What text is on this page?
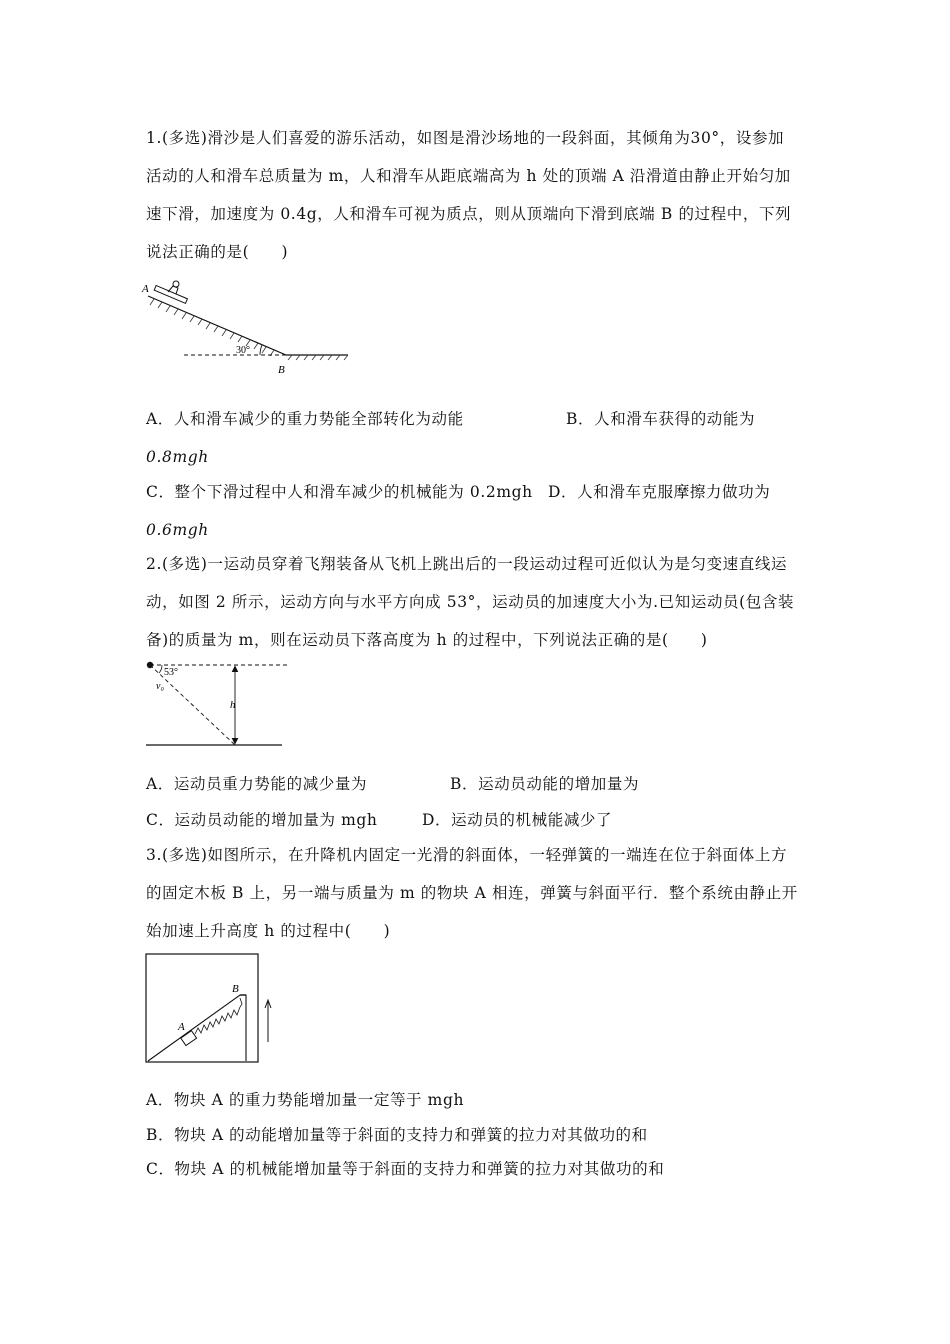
1.(多选)滑沙是人们喜爱的游乐活动，如图是滑沙场地的一段斜面，其倾角为30°，设参加
活动的人和滑车总质量为 m，人和滑车从距底端高为 h 处的顶端 A 沿滑道由静止开始匀加
速下滑，加速度为 0.4g，人和滑车可视为质点，则从顶端向下滑到底端 B 的过程中，下列
说法正确的是(　　)
A
B
30°
A．人和滑车减少的重力势能全部转化为动能	B．人和滑车获得的动能为
0.8mgh
C．整个下滑过程中人和滑车减少的机械能为 0.2mgh D．人和滑车克服摩擦力做功为
0.6mgh
2.(多选)一运动员穿着飞翔装备从飞机上跳出后的一段运动过程可近似认为是匀变速直线运
动，如图 2 所示，运动方向与水平方向成 53°，运动员的加速度大小为.已知运动员(包含装
备)的质量为 m，则在运动员下落高度为 h 的过程中，下列说法正确的是(　　)
53°
v₀
h
A．运动员重力势能的减少量为	B．运动员动能的增加量为
C．运动员动能的增加量为 mgh	D．运动员的机械能减少了
3.(多选)如图所示，在升降机内固定一光滑的斜面体，一轻弹簧的一端连在位于斜面体上方
的固定木板 B 上，另一端与质量为 m 的物块 A 相连，弹簧与斜面平行．整个系统由静止开
始加速上升高度 h 的过程中(　　)
A
B
A．物块 A 的重力势能增加量一定等于 mgh
B．物块 A 的动能增加量等于斜面的支持力和弹簧的拉力对其做功的和
C．物块 A 的机械能增加量等于斜面的支持力和弹簧的拉力对其做功的和
